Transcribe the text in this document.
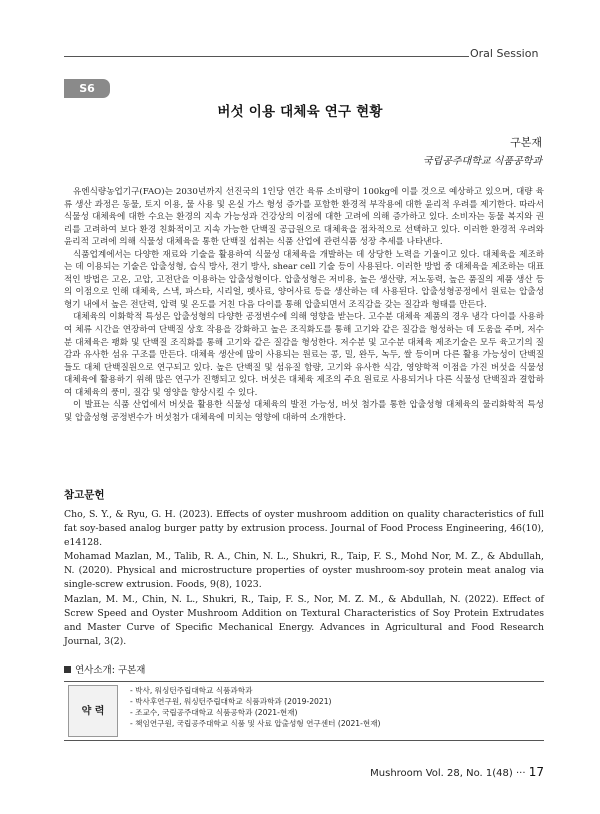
Oral Session
S6
버섯 이용 대체육 연구 현황
구본재
국립공주대학교 식품공학과

유엔식량농업기구(FAO)는 2030년까지 선진국의 1인당 연간 육류 소비량이 100kg에 이를 것으로 예상하고 있으며, 대량 육류 생산 과정은 동물, 토지 이용, 물 사용 및 온실 가스 형성 증가를 포함한 환경적 부작용에 대한 윤리적 우려를 제기한다. 따라서 식물성 대체육에 대한 수요는 환경의 지속 가능성과 건강상의 이점에 대한 고려에 의해 증가하고 있다. 소비자는 동물 복지와 권리를 고려하여 보다 환경 친화적이고 지속 가능한 단백질 공급원으로 대체육을 점차적으로 선택하고 있다. 이러한 환경적 우려와 윤리적 고려에 의해 식물성 대체육을 통한 단백질 섭취는 식품 산업에 관련식품 성장 추세를 나타낸다.

식품업계에서는 다양한 재료와 기술을 활용하여 식물성 대체육을 개발하는 데 상당한 노력을 기울이고 있다. 대체육을 제조하는 데 이용되는 기술은 압출성형, 습식 방사, 전기 방사, shear cell 기술 등이 사용된다. 이러한 방법 중 대체육을 제조하는 대표적인 방법은 고온, 고압, 고전단을 이용하는 압출성형이다. 압출성형은 저비용, 높은 생산량, 저노동력, 높은 품질의 제품 생산 등의 이점으로 인해 대체육, 스낵, 파스타, 시리얼, 펫사료, 양어사료 등을 생산하는 데 사용된다. 압출성형공정에서 원료는 압출성형기 내에서 높은 전단력, 압력 및 온도를 거친 다음 다이를 통해 압출되면서 조직감을 갖는 질감과 형태를 만든다.

대체육의 이화학적 특성은 압출성형의 다양한 공정변수에 의해 영향을 받는다. 고수분 대체육 제품의 경우 냉각 다이를 사용하여 체류 시간을 연장하여 단백질 상호 작용을 강화하고 높은 조직화도를 통해 고기와 같은 질감을 형성하는 데 도움을 주며, 저수분 대체육은 팽화 및 단백질 조직화를 통해 고기와 같은 질감을 형성한다. 저수분 및 고수분 대체육 제조기술은 모두 육고기의 질감과 유사한 섬유 구조를 만든다. 대체육 생산에 많이 사용되는 원료는 콩, 밀, 완두, 녹두, 쌀 등이며 다른 활용 가능성이 단백질들도 대체 단백질원으로 연구되고 있다. 높은 단백질 및 섬유질 함량, 고기와 유사한 식감, 영양학적 이점을 가진 버섯을 식물성 대체육에 활용하기 위해 많은 연구가 진행되고 있다. 버섯은 대체육 제조의 주요 원료로 사용되거나 다른 식물성 단백질과 결합하여 대체육의 풍미, 질감 및 영양을 향상시킬 수 있다.

이 발표는 식품 산업에서 버섯을 활용한 식물성 대체육의 발전 가능성, 버섯 첨가를 통한 압출성형 대체육의 물리화학적 특성 및 압출성형 공정변수가 버섯첨가 대체육에 미치는 영향에 대하여 소개한다.

참고문헌

Cho, S. Y., & Ryu, G. H. (2023). Effects of oyster mushroom addition on quality characteristics of full fat soy-based analog burger patty by extrusion process. Journal of Food Process Engineering, 46(10), e14128.

Mohamad Mazlan, M., Talib, R. A., Chin, N. L., Shukri, R., Taip, F. S., Mohd Nor, M. Z., & Abdullah, N. (2020). Physical and microstructure properties of oyster mushroom-soy protein meat analog via single-screw extrusion. Foods, 9(8), 1023.

Mazlan, M. M., Chin, N. L., Shukri, R., Taip, F. S., Nor, M. Z. M., & Abdullah, N. (2022). Effect of Screw Speed and Oyster Mushroom Addition on Textural Characteristics of Soy Protein Extrudates and Master Curve of Specific Mechanical Energy. Advances in Agricultural and Food Research Journal, 3(2).

연사소개: 구본재
약 력
- 박사, 워싱턴주립대학교 식품과학과
- 박사후연구원, 워싱턴주립대학교 식품과학과 (2019-2021)
- 조교수, 국립공주대학교 식품공학과 (2021-현재)
- 책임연구원, 국립공주대학교 식품 및 사료 압출성형 연구센터 (2021-현재)
Mushroom Vol. 28, No. 1(48) ··· 17
